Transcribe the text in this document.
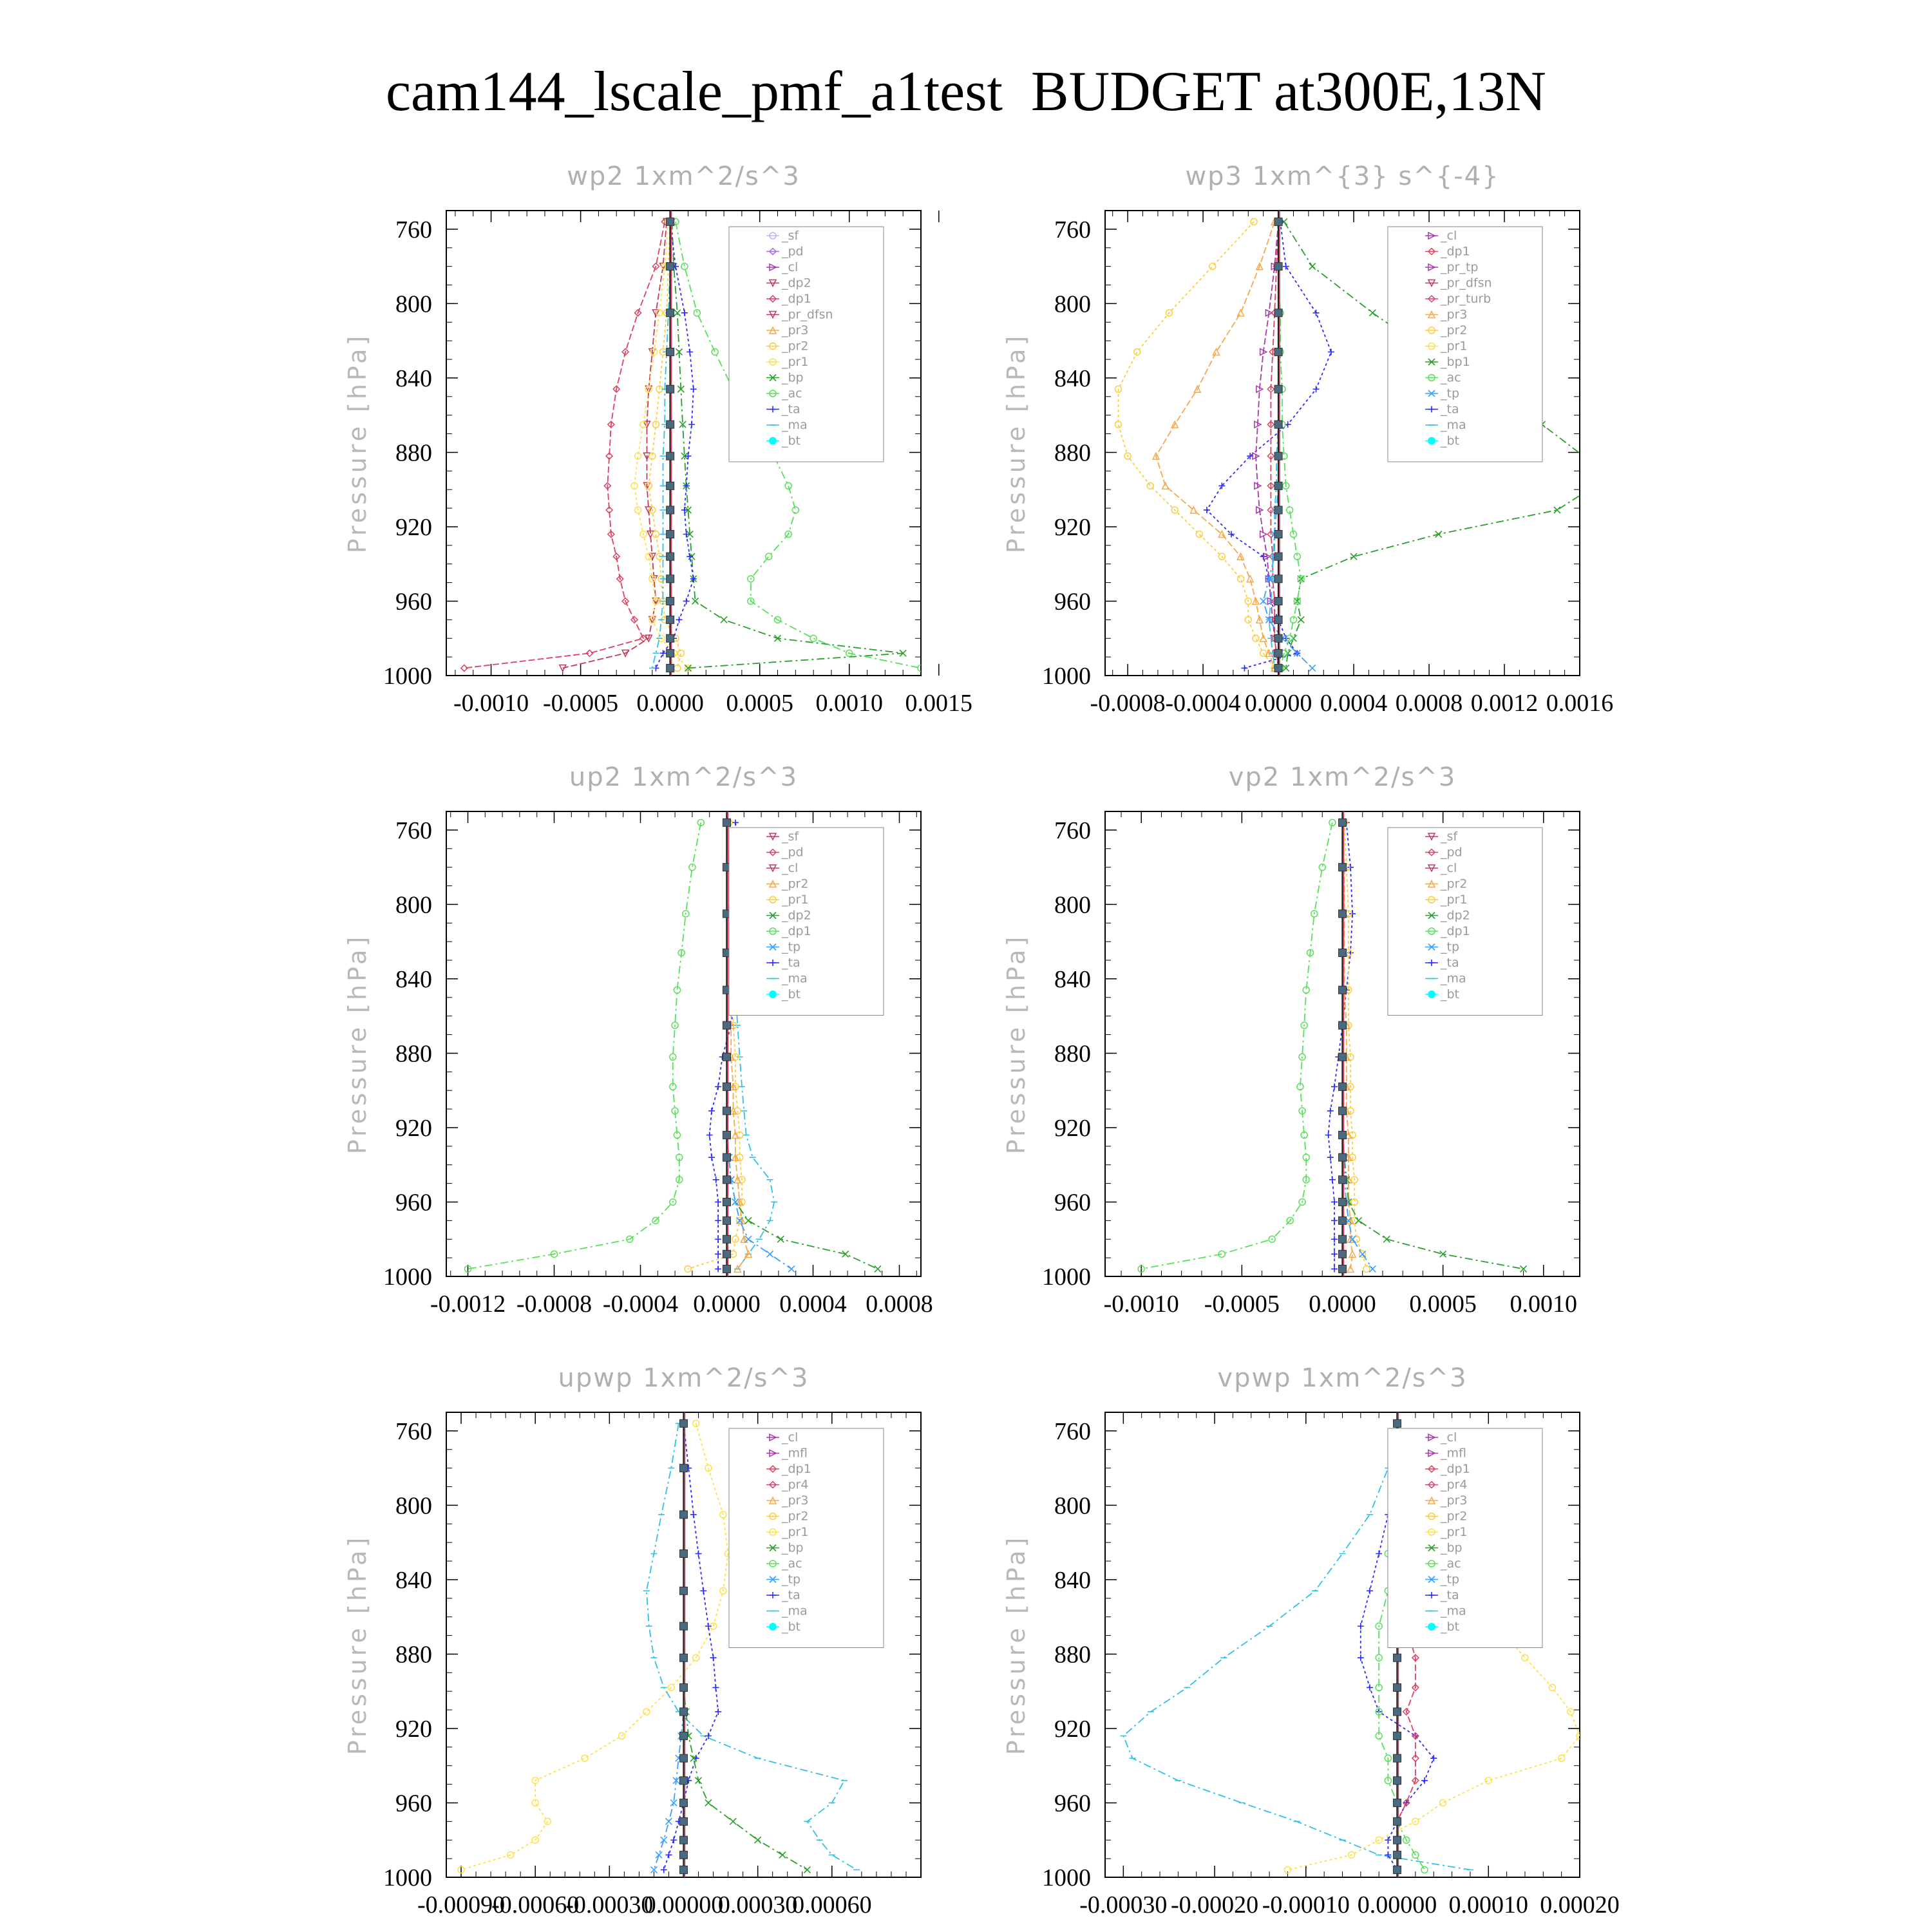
cam144_lscale_pmf_a1test  BUDGET at300E,13N
wp2 1xm^2/s^3
Pressure [hPa]
760
800
840
880
920
960
1000
-0.0010 -0.0005 0.0000 0.0005 0.0010 0.0015
_sf
_pd
_cl
_dp2
_dp1
_pr_dfsn
_pr3
_pr2
_pr1
_bp
_ac
_ta
_ma
_bt
wp3 1xm^{3} s^{-4}
Pressure [hPa]
760
800
840
880
920
960
1000
-0.0008 -0.0004 0.0000 0.0004 0.0008 0.0012 0.0016
_cl
_dp1
_pr_tp
_pr_dfsn
_pr_turb
_pr3
_pr2
_pr1
_bp1
_ac
_tp
_ta
_ma
_bt
up2 1xm^2/s^3
Pressure [hPa]
760
800
840
880
920
960
1000
-0.0012 -0.0008 -0.0004 0.0000 0.0004 0.0008
_sf
_pd
_cl
_pr2
_pr1
_dp2
_dp1
_tp
_ta
_ma
_bt
vp2 1xm^2/s^3
Pressure [hPa]
760
800
840
880
920
960
1000
-0.0010 -0.0005 0.0000 0.0005 0.0010
_sf
_pd
_cl
_pr2
_pr1
_dp2
_dp1
_tp
_ta
_ma
_bt
upwp 1xm^2/s^3
Pressure [hPa]
760
800
840
880
920
960
1000
-0.00090
-0.00060
-0.00030
0.00000
0.00030
0.00060
_cl
_mfl
_dp1
_pr4
_pr3
_pr2
_pr1
_bp
_ac
_tp
_ta
_ma
_bt
vpwp 1xm^2/s^3
Pressure [hPa]
760
800
840
880
920
960
1000
-0.00030 -0.00020 -0.00010 0.00000 0.00010 0.00020
_cl
_mfl
_dp1
_pr4
_pr3
_pr2
_pr1
_bp
_ac
_tp
_ta
_ma
_bt
